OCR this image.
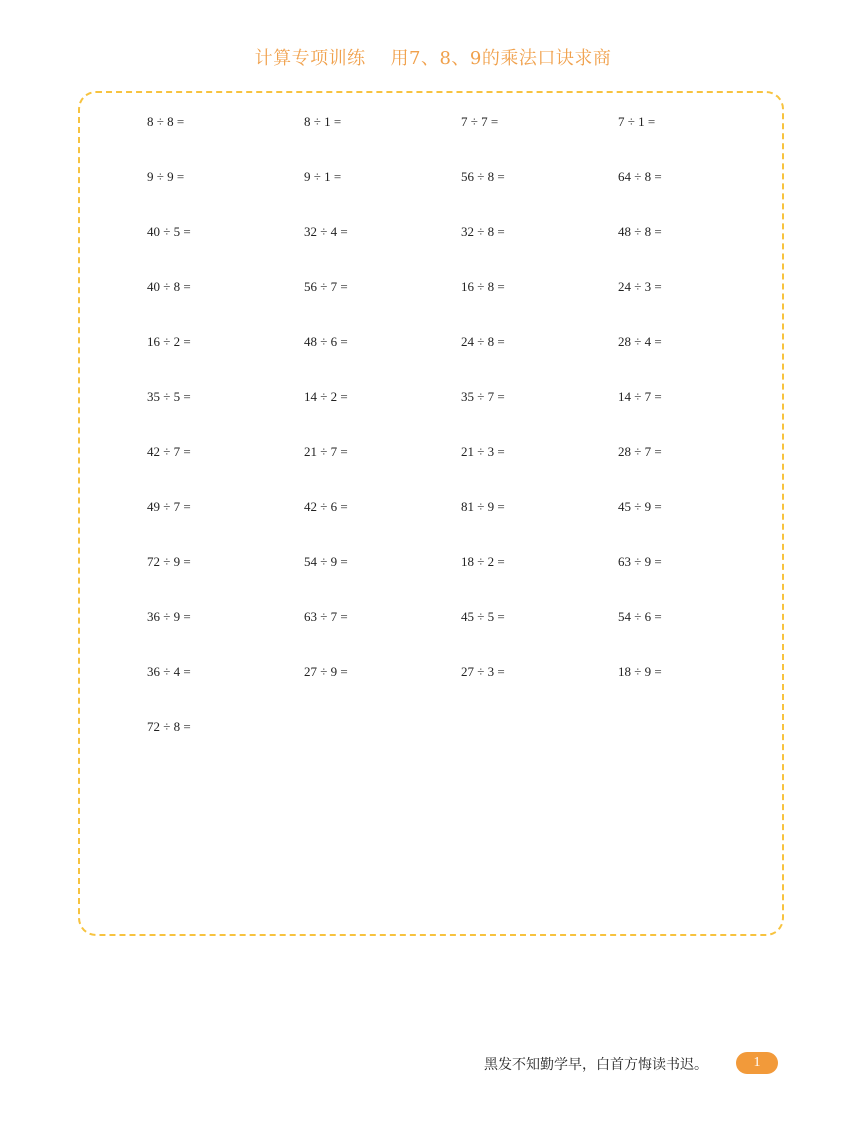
计算专项训练    用7、8、9的乘法口诀求商
8 ÷ 8 =	8 ÷ 1 =	7 ÷ 7 =	7 ÷ 1 =
9 ÷ 9 =	9 ÷ 1 =	56 ÷ 8 =	64 ÷ 8 =
40 ÷ 5 =	32 ÷ 4 =	32 ÷ 8 =	48 ÷ 8 =
40 ÷ 8 =	56 ÷ 7 =	16 ÷ 8 =	24 ÷ 3 =
16 ÷ 2 =	48 ÷ 6 =	24 ÷ 8 =	28 ÷ 4 =
35 ÷ 5 =	14 ÷ 2 =	35 ÷ 7 =	14 ÷ 7 =
42 ÷ 7 =	21 ÷ 7 =	21 ÷ 3 =	28 ÷ 7 =
49 ÷ 7 =	42 ÷ 6 =	81 ÷ 9 =	45 ÷ 9 =
72 ÷ 9 =	54 ÷ 9 =	18 ÷ 2 =	63 ÷ 9 =
36 ÷ 9 =	63 ÷ 7 =	45 ÷ 5 =	54 ÷ 6 =
36 ÷ 4 =	27 ÷ 9 =	27 ÷ 3 =	18 ÷ 9 =
72 ÷ 8 =
黑发不知勤学早，白首方悔读书迟。	1
